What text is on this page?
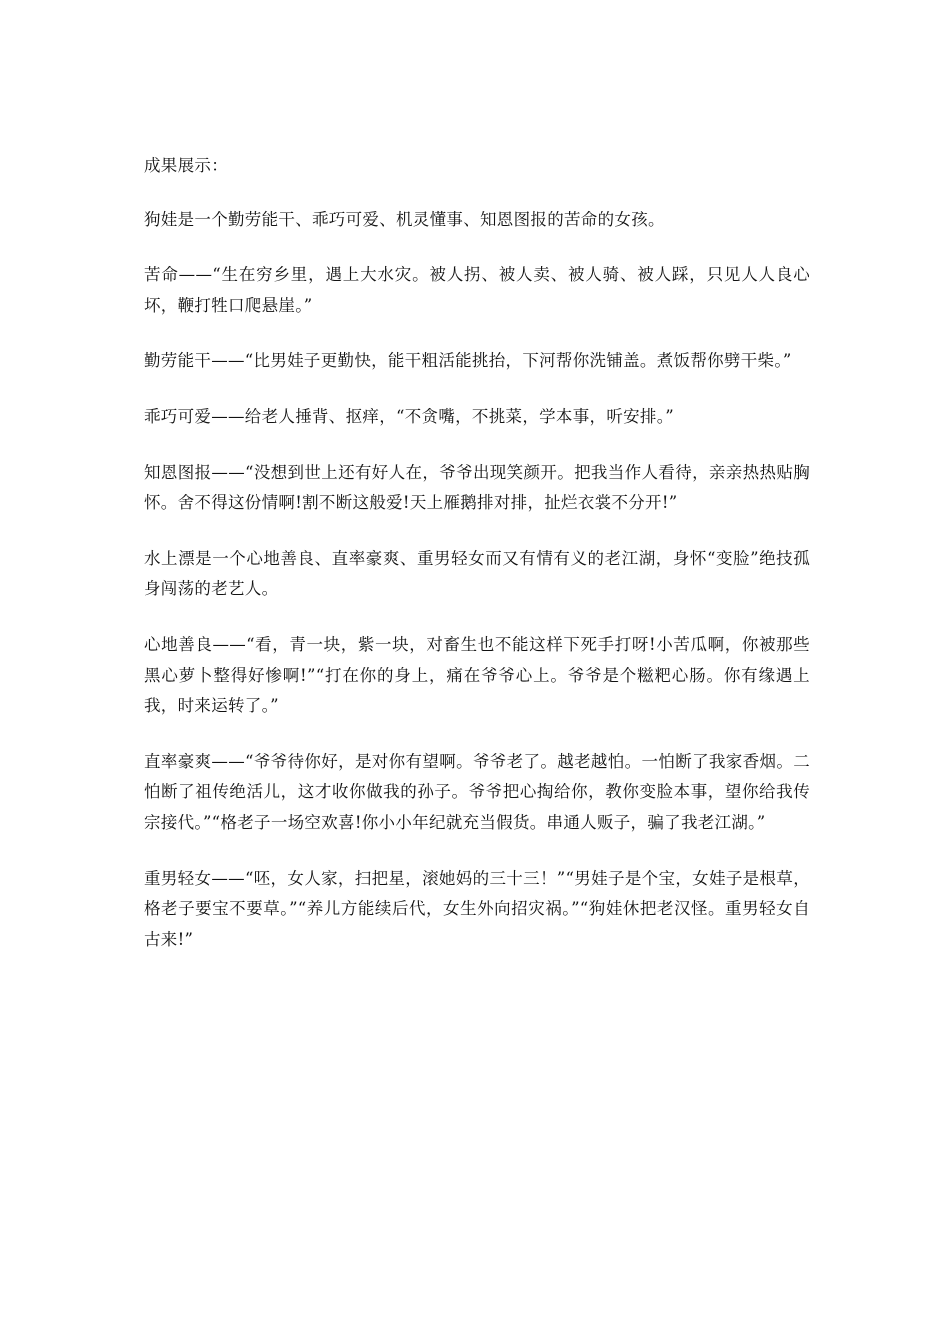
成果展示：

狗娃是一个勤劳能干、乖巧可爱、机灵懂事、知恩图报的苦命的女孩。

苦命——“生在穷乡里，遇上大水灾。被人拐、被人卖、被人骑、被人踩，只见人人良心坏，鞭打牲口爬悬崖。”

勤劳能干——“比男娃子更勤快，能干粗活能挑抬，下河帮你洗铺盖。煮饭帮你劈干柴。”

乖巧可爱——给老人捶背、抠痒，“不贪嘴，不挑菜，学本事，听安排。”

知恩图报——“没想到世上还有好人在，爷爷出现笑颜开。把我当作人看待，亲亲热热贴胸怀。舍不得这份情啊!割不断这般爱!天上雁鹅排对排，扯烂衣裳不分开!”

水上漂是一个心地善良、直率豪爽、重男轻女而又有情有义的老江湖，身怀“变脸”绝技孤身闯荡的老艺人。

心地善良——“看，青一块，紫一块，对畜生也不能这样下死手打呀!小苦瓜啊，你被那些黑心萝卜整得好惨啊!”“打在你的身上，痛在爷爷心上。爷爷是个糍粑心肠。你有缘遇上我，时来运转了。”

直率豪爽——“爷爷待你好，是对你有望啊。爷爷老了。越老越怕。一怕断了我家香烟。二怕断了祖传绝活儿，这才收你做我的孙子。爷爷把心掏给你，教你变脸本事，望你给我传宗接代。”“格老子一场空欢喜!你小小年纪就充当假货。串通人贩子，骗了我老江湖。”

重男轻女——“呸，女人家，扫把星，滚她妈的三十三！”“男娃子是个宝，女娃子是根草，格老子要宝不要草。”“养儿方能续后代，女生外向招灾祸。”“狗娃休把老汉怪。重男轻女自古来!”
